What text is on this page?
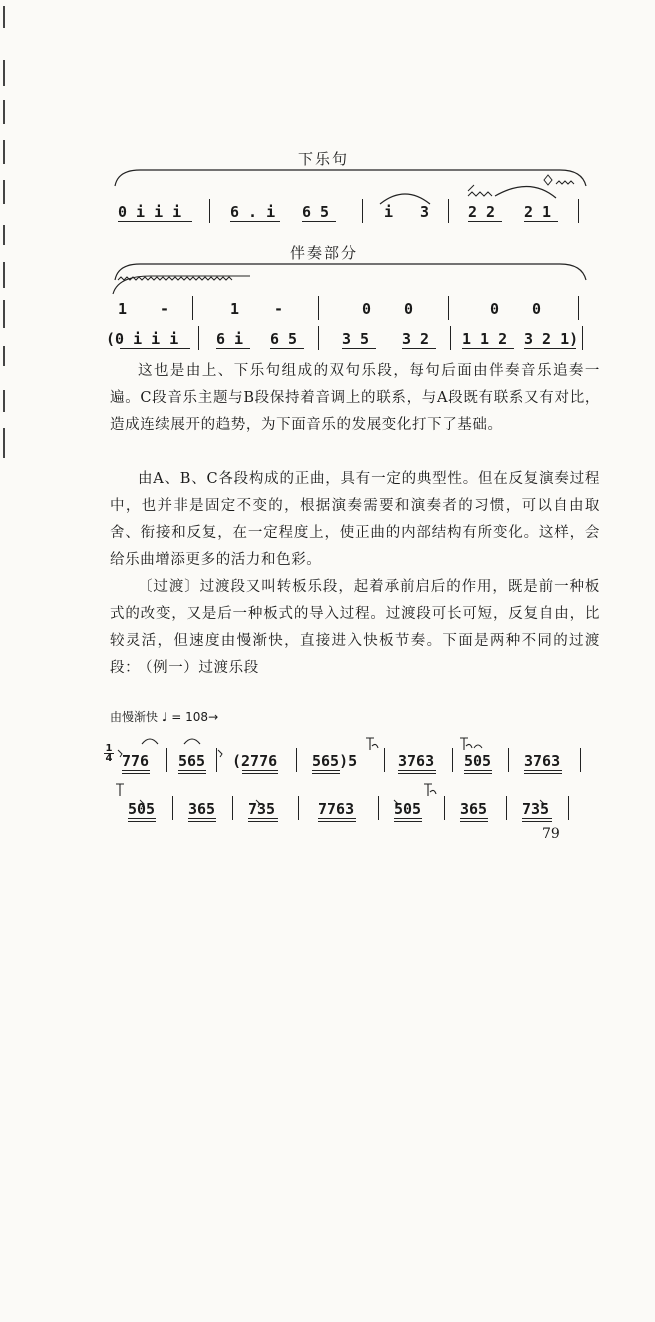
下乐句

0 i i i

	6 . i

6 5

	i

3

	2 2

2 1

伴奏部分

1

-

	1

-

	0

0

	0

0

(0 i i i

	6 i

6 5

	3 5

3 2

1 1 2

3 2 1)

这也是由上、下乐句组成的双句乐段，每句后面由伴奏音乐追奏一遍。C段音乐主题与B段保持着音调上的联系，与A段既有联系又有对比，造成连续展开的趋势，为下面音乐的发展变化打下了基础。
由A、B、C各段构成的正曲，具有一定的典型性。但在反复演奏过程中，也并非是固定不变的，根据演奏需要和演奏者的习惯，可以自由取舍、衔接和反复，在一定程度上，使正曲的内部结构有所变化。这样，会给乐曲增添更多的活力和色彩。
〔过渡〕过渡段又叫转板乐段，起着承前启后的作用，既是前一种板式的改变，又是后一种板式的导入过程。过渡段可长可短，反复自由，比较灵活，但速度由慢渐快，直接进入快板节奏。下面是两种不同的过渡段：
（例一）过渡乐段
由慢渐快 ♩ = 108→
$\frac{1}{4}$

776

565

(2776

565)5

	3763

505

3763

505

365

735

	7763

	505

	365

735

79
